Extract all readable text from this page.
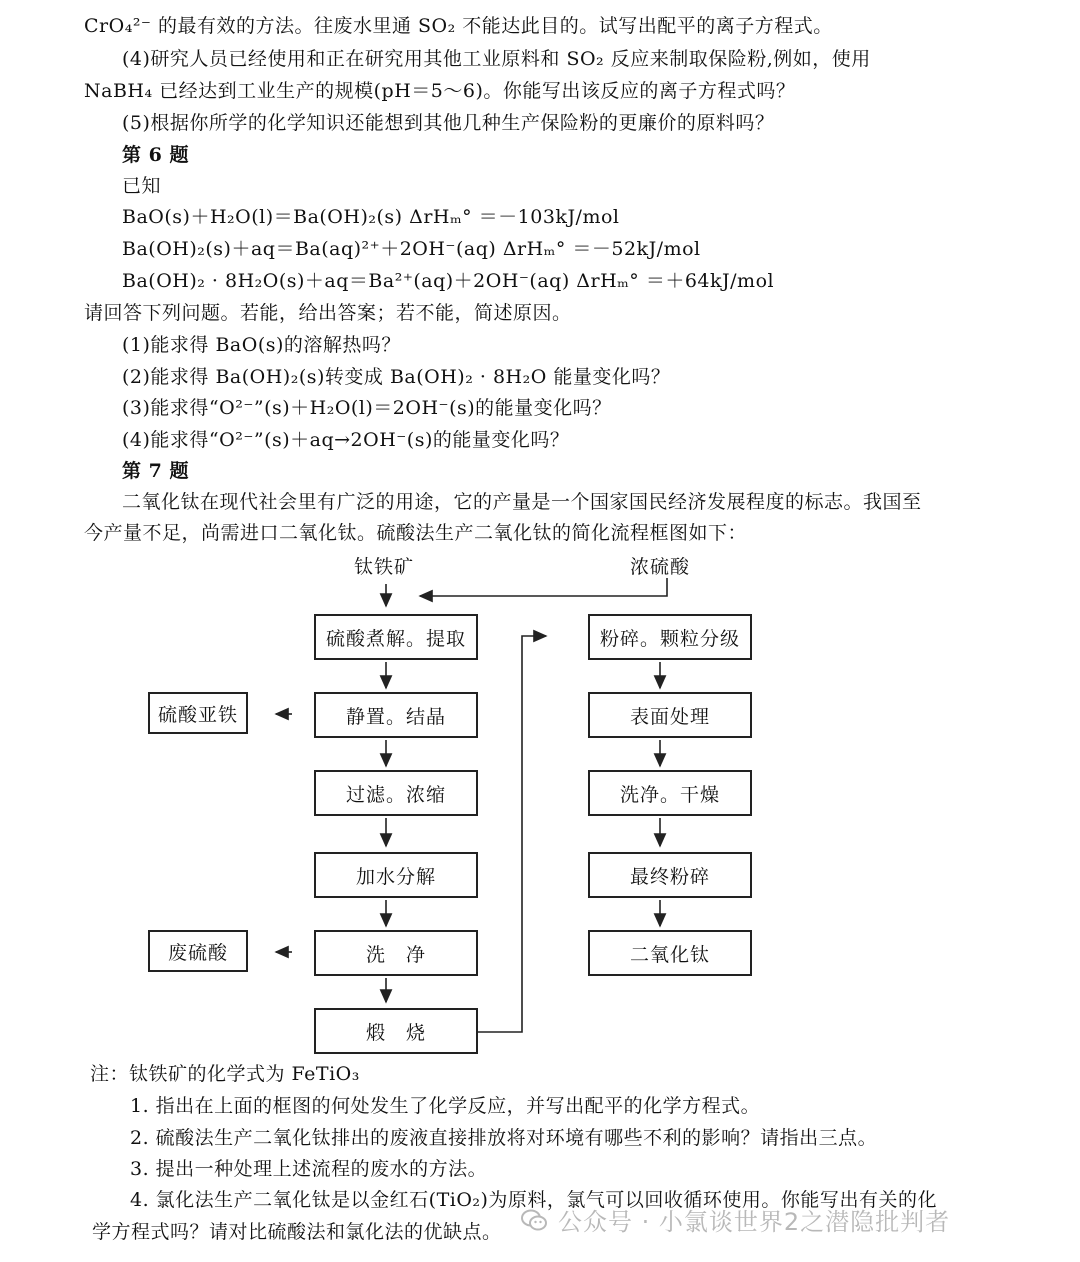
CrO₄²⁻ 的最有效的方法。往废水里通 SO₂ 不能达此目的。试写出配平的离子方程式。
(4)研究人员已经使用和正在研究用其他工业原料和 SO₂ 反应来制取保险粉,例如，使用
NaBH₄ 已经达到工业生产的规模(pH＝5～6)。你能写出该反应的离子方程式吗？
(5)根据你所学的化学知识还能想到其他几种生产保险粉的更廉价的原料吗？
第 6 题
已知
BaO(s)＋H₂O(l)＝Ba(OH)₂(s) ΔrHₘ° ＝－103kJ/mol
Ba(OH)₂(s)＋aq＝Ba(aq)²⁺＋2OH⁻(aq) ΔrHₘ° ＝－52kJ/mol
Ba(OH)₂ · 8H₂O(s)＋aq＝Ba²⁺(aq)＋2OH⁻(aq) ΔrHₘ° ＝＋64kJ/mol
请回答下列问题。若能，给出答案；若不能，简述原因。
(1)能求得 BaO(s)的溶解热吗？
(2)能求得 Ba(OH)₂(s)转变成 Ba(OH)₂ · 8H₂O 能量变化吗？
(3)能求得“O²⁻”(s)＋H₂O(l)＝2OH⁻(s)的能量变化吗？
(4)能求得“O²⁻”(s)＋aq→2OH⁻(s)的能量变化吗？
第 7 题
二氧化钛在现代社会里有广泛的用途，它的产量是一个国家国民经济发展程度的标志。我国至
今产量不足，尚需进口二氧化钛。硫酸法生产二氧化钛的简化流程框图如下：
钛铁矿	浓硫酸
硫酸煮解。提取
静置。结晶
过滤。浓缩
加水分解
洗　净
煅　烧
硫酸亚铁
废硫酸
粉碎。颗粒分级
表面处理
洗净。干燥
最终粉碎
二氧化钛
注：钛铁矿的化学式为 FeTiO₃
1. 指出在上面的框图的何处发生了化学反应，并写出配平的化学方程式。
2. 硫酸法生产二氧化钛排出的废液直接排放将对环境有哪些不利的影响？请指出三点。
3. 提出一种处理上述流程的废水的方法。
4. 氯化法生产二氧化钛是以金红石(TiO₂)为原料，氯气可以回收循环使用。你能写出有关的化
学方程式吗？请对比硫酸法和氯化法的优缺点。 公众号 · 小氯谈世界2之潜隐批判者
